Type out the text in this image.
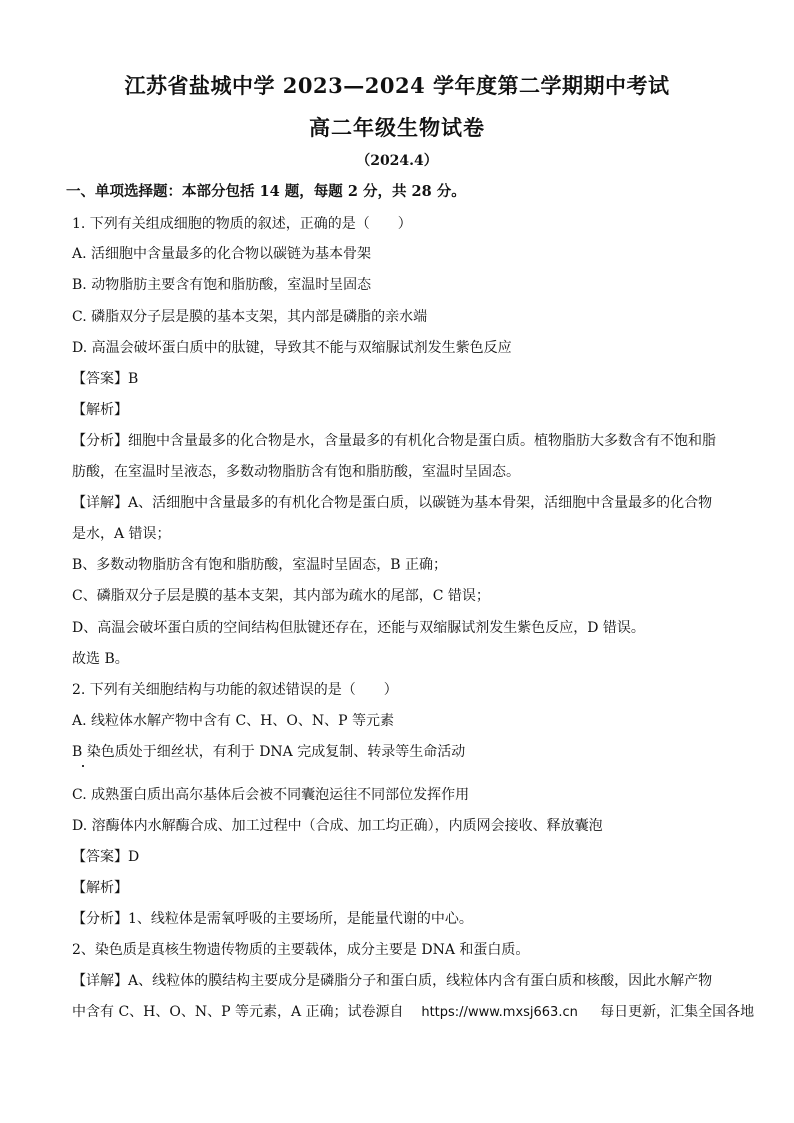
江苏省盐城中学 2023—2024 学年度第二学期期中考试
高二年级生物试卷
（2024.4）
一、单项选择题：本部分包括 14 题，每题 2 分，共 28 分。
1. 下列有关组成细胞的物质的叙述，正确的是（　　）
A. 活细胞中含量最多的化合物以碳链为基本骨架
B. 动物脂肪主要含有饱和脂肪酸，室温时呈固态
C. 磷脂双分子层是膜的基本支架，其内部是磷脂的亲水端
D. 高温会破坏蛋白质中的肽键，导致其不能与双缩脲试剂发生紫色反应
【答案】B
【解析】
【分析】细胞中含量最多的化合物是水，含量最多的有机化合物是蛋白质。植物脂肪大多数含有不饱和脂
肪酸，在室温时呈液态，多数动物脂肪含有饱和脂肪酸，室温时呈固态。
【详解】A、活细胞中含量最多的有机化合物是蛋白质，以碳链为基本骨架，活细胞中含量最多的化合物
是水，A 错误；
B、多数动物脂肪含有饱和脂肪酸，室温时呈固态，B 正确；
C、磷脂双分子层是膜的基本支架，其内部为疏水的尾部，C 错误；
D、高温会破坏蛋白质的空间结构但肽键还存在，还能与双缩脲试剂发生紫色反应，D 错误。
故选 B。
2. 下列有关细胞结构与功能的叙述错误的是（　　）
A. 线粒体水解产物中含有 C、H、O、N、P 等元素
B 染色质处于细丝状，有利于 DNA 完成复制、转录等生命活动
C. 成熟蛋白质出高尔基体后会被不同囊泡运往不同部位发挥作用
D. 溶酶体内水解酶合成、加工过程中（合成、加工均正确），内质网会接收、释放囊泡
【答案】D
【解析】
【分析】1、线粒体是需氧呼吸的主要场所，是能量代谢的中心。
2、染色质是真核生物遗传物质的主要载体，成分主要是 DNA 和蛋白质。
【详解】A、线粒体的膜结构主要成分是磷脂分子和蛋白质，线粒体内含有蛋白质和核酸，因此水解产物
中含有 C、H、O、N、P 等元素，A 正确；试卷源自 https://www.mxsj663.cn 每日更新，汇集全国各地
